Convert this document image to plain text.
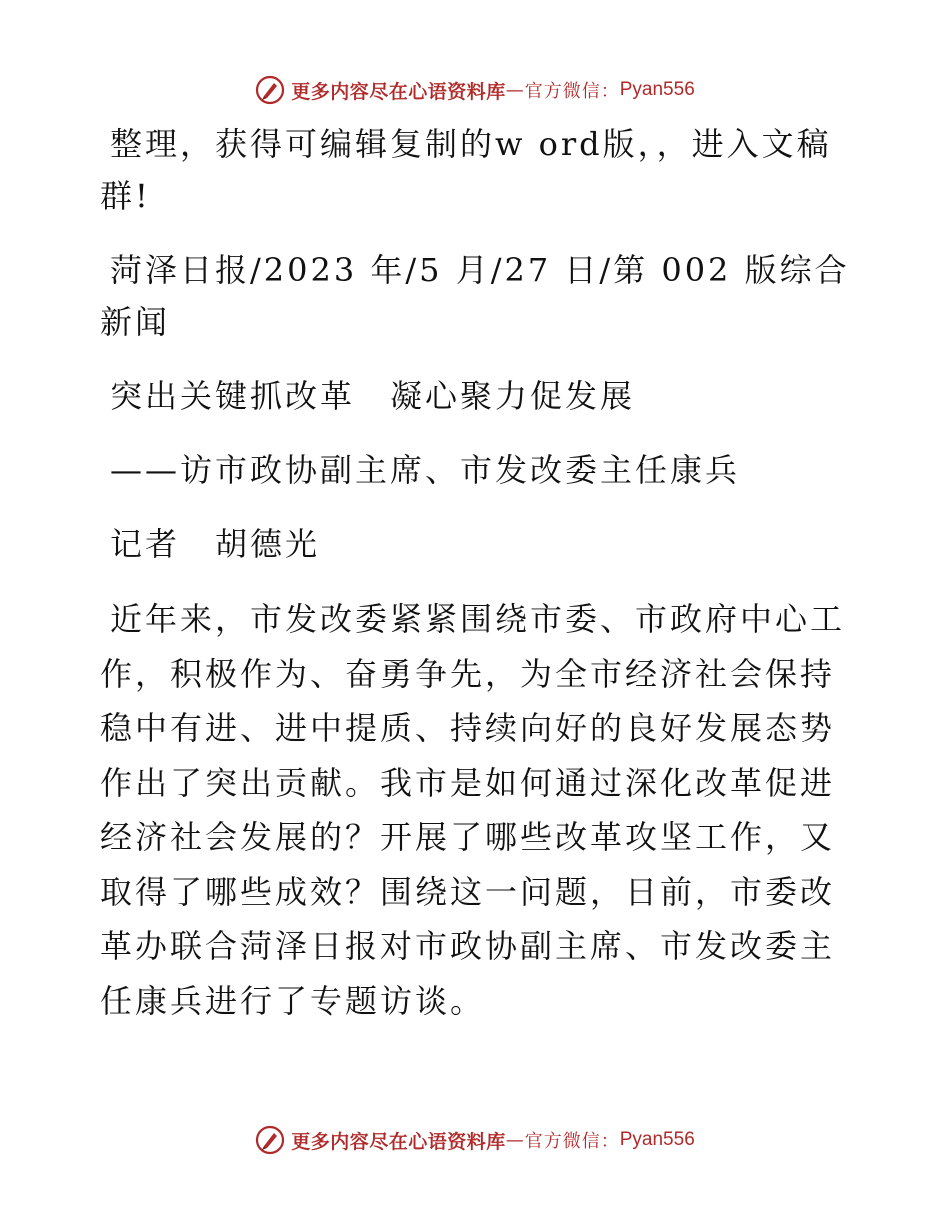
更多内容尽在心语资料库 — 官方微信： Pyan556

整理，获得可编辑复制的w ord版，，进入文稿群!

菏泽日报/2023 年/5 月/27 日/第 002 版综合新闻

突出关键抓改革　凝心聚力促发展

——访市政协副主席、市发改委主任康兵

记者　胡德光

近年来，市发改委紧紧围绕市委、市政府中心工作，积极作为、奋勇争先，为全市经济社会保持稳中有进、进中提质、持续向好的良好发展态势作出了突出贡献。我市是如何通过深化改革促进经济社会发展的？开展了哪些改革攻坚工作，又取得了哪些成效？围绕这一问题，日前，市委改革办联合菏泽日报对市政协副主席、市发改委主任康兵进行了专题访谈。

更多内容尽在心语资料库 — 官方微信： Pyan556
